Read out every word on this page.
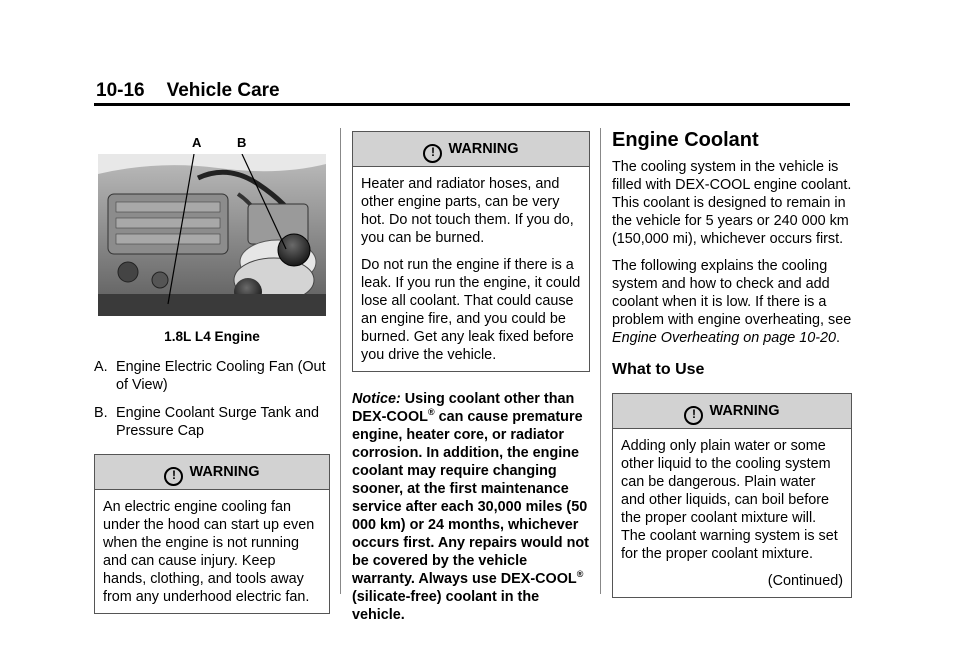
10-16 Vehicle Care
A	B
1.8L L4 Engine
A. Engine Electric Cooling Fan (Out of View)
B. Engine Coolant Surge Tank and Pressure Cap
! WARNING

An electric engine cooling fan under the hood can start up even when the engine is not running and can cause injury. Keep hands, clothing, and tools away from any underhood electric fan.

! WARNING

Heater and radiator hoses, and other engine parts, can be very hot. Do not touch them. If you do, you can be burned.

Do not run the engine if there is a leak. If you run the engine, it could lose all coolant. That could cause an engine fire, and you could be burned. Get any leak fixed before you drive the vehicle.

Notice: Using coolant other than DEX-COOL® can cause premature engine, heater core, or radiator corrosion. In addition, the engine coolant may require changing sooner, at the first maintenance service after each 30,000 miles (50 000 km) or 24 months, whichever occurs first. Any repairs would not be covered by the vehicle warranty. Always use DEX-COOL® (silicate-free) coolant in the vehicle.
Engine Coolant

The cooling system in the vehicle is filled with DEX-COOL engine coolant. This coolant is designed to remain in the vehicle for 5 years or 240 000 km (150,000 mi), whichever occurs first.

The following explains the cooling system and how to check and add coolant when it is low. If there is a problem with engine overheating, see Engine Overheating on page 10-20.

What to Use
! WARNING

Adding only plain water or some other liquid to the cooling system can be dangerous. Plain water and other liquids, can boil before the proper coolant mixture will. The coolant warning system is set for the proper coolant mixture.

(Continued)
